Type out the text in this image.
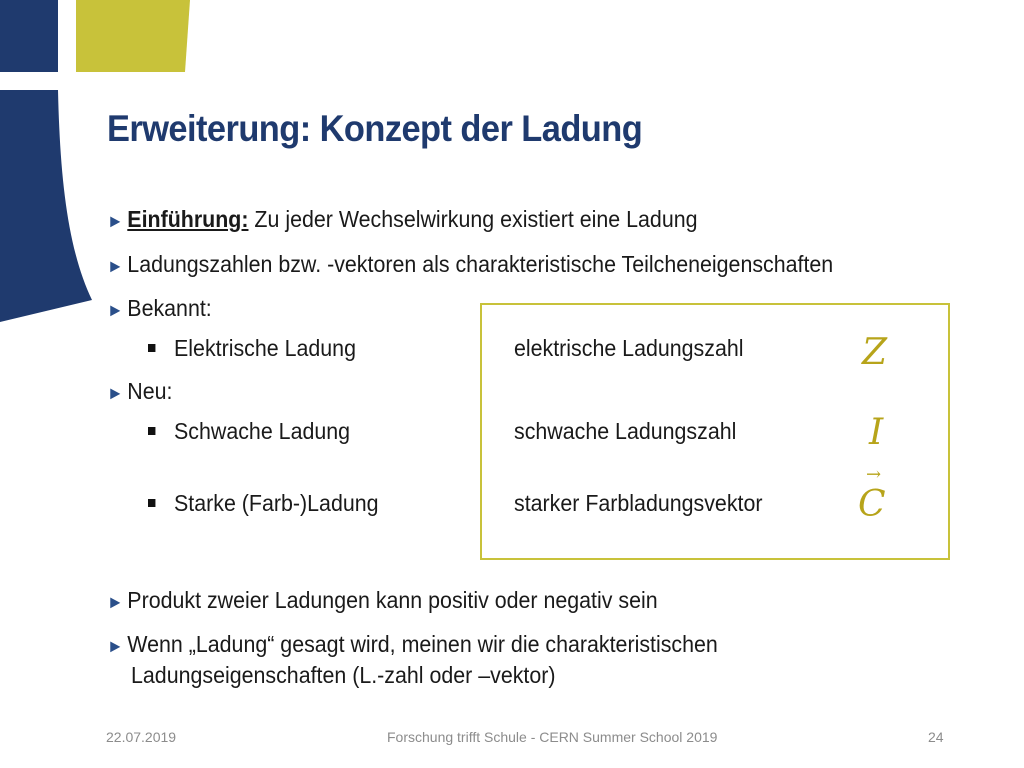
Erweiterung: Konzept der Ladung
► Einführung: Zu jeder Wechselwirkung existiert eine Ladung
► Ladungszahlen bzw. -vektoren als charakteristische Teilcheneigenschaften
► Bekannt:
Elektrische Ladung
► Neu:
Schwache Ladung
Starke (Farb-)Ladung
elektrische Ladungszahl
schwache Ladungszahl
starker Farbladungsvektor
Z
I
→
C
► Produkt zweier Ladungen kann positiv oder negativ sein
► Wenn „Ladung“ gesagt wird, meinen wir die charakteristischen
Ladungseigenschaften (L.-zahl oder –vektor)
22.07.2019	Forschung trifft Schule - CERN Summer School 2019	24
